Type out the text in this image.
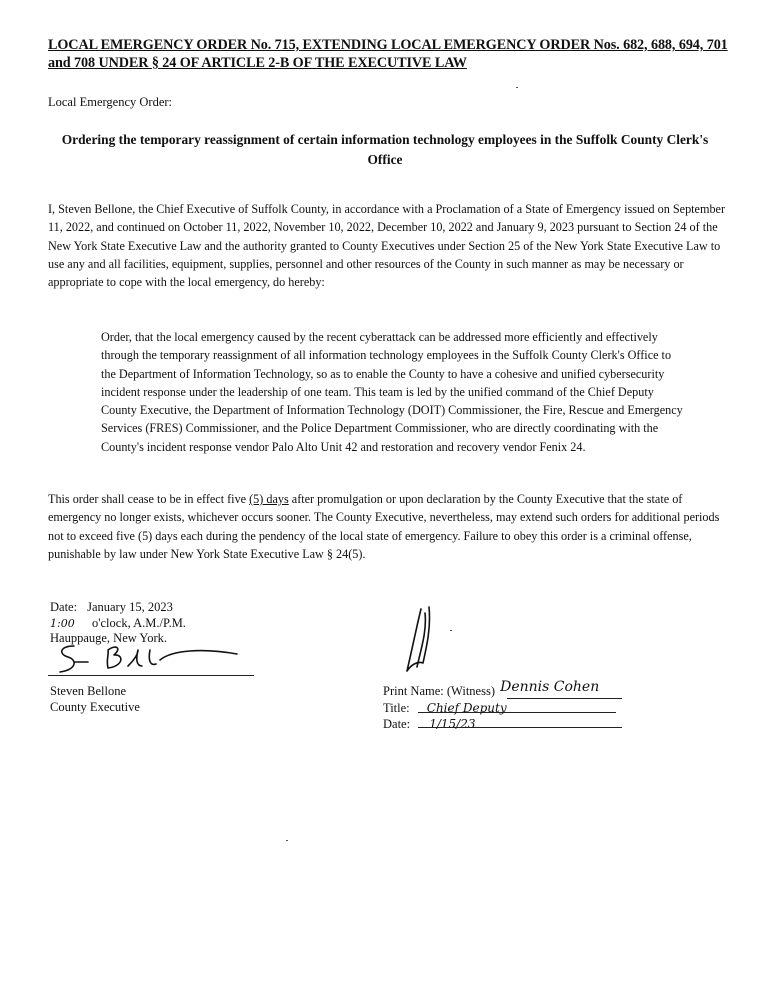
LOCAL EMERGENCY ORDER No. 715, EXTENDING LOCAL EMERGENCY ORDER Nos. 682, 688, 694, 701 and 708 UNDER § 24 OF ARTICLE 2-B OF THE EXECUTIVE LAW
Local Emergency Order:
Ordering the temporary reassignment of certain information technology employees in the Suffolk County Clerk's Office
I, Steven Bellone, the Chief Executive of Suffolk County, in accordance with a Proclamation of a State of Emergency issued on September 11, 2022, and continued on October 11, 2022, November 10, 2022, December 10, 2022 and January 9, 2023 pursuant to Section 24 of the New York State Executive Law and the authority granted to County Executives under Section 25 of the New York State Executive Law to use any and all facilities, equipment, supplies, personnel and other resources of the County in such manner as may be necessary or appropriate to cope with the local emergency, do hereby:
Order, that the local emergency caused by the recent cyberattack can be addressed more efficiently and effectively through the temporary reassignment of all information technology employees in the Suffolk County Clerk's Office to the Department of Information Technology, so as to enable the County to have a cohesive and unified cybersecurity incident response under the leadership of one team. This team is led by the unified command of the Chief Deputy County Executive, the Department of Information Technology (DOIT) Commissioner, the Fire, Rescue and Emergency Services (FRES) Commissioner, and the Police Department Commissioner, who are directly coordinating with the County's incident response vendor Palo Alto Unit 42 and restoration and recovery vendor Fenix 24.
This order shall cease to be in effect five (5) days after promulgation or upon declaration by the County Executive that the state of emergency no longer exists, whichever occurs sooner. The County Executive, nevertheless, may extend such orders for additional periods not to exceed five (5) days each during the pendency of the local state of emergency. Failure to obey this order is a criminal offense, punishable by law under New York State Executive Law § 24(5).
Date: January 15, 2023
1:00 o'clock, A.M./P.M.
Hauppauge, New York.
Steven Bellone
County Executive
Print Name: (Witness) Dennis Cohen
Title: Chief Deputy
Date: 1/15/23
